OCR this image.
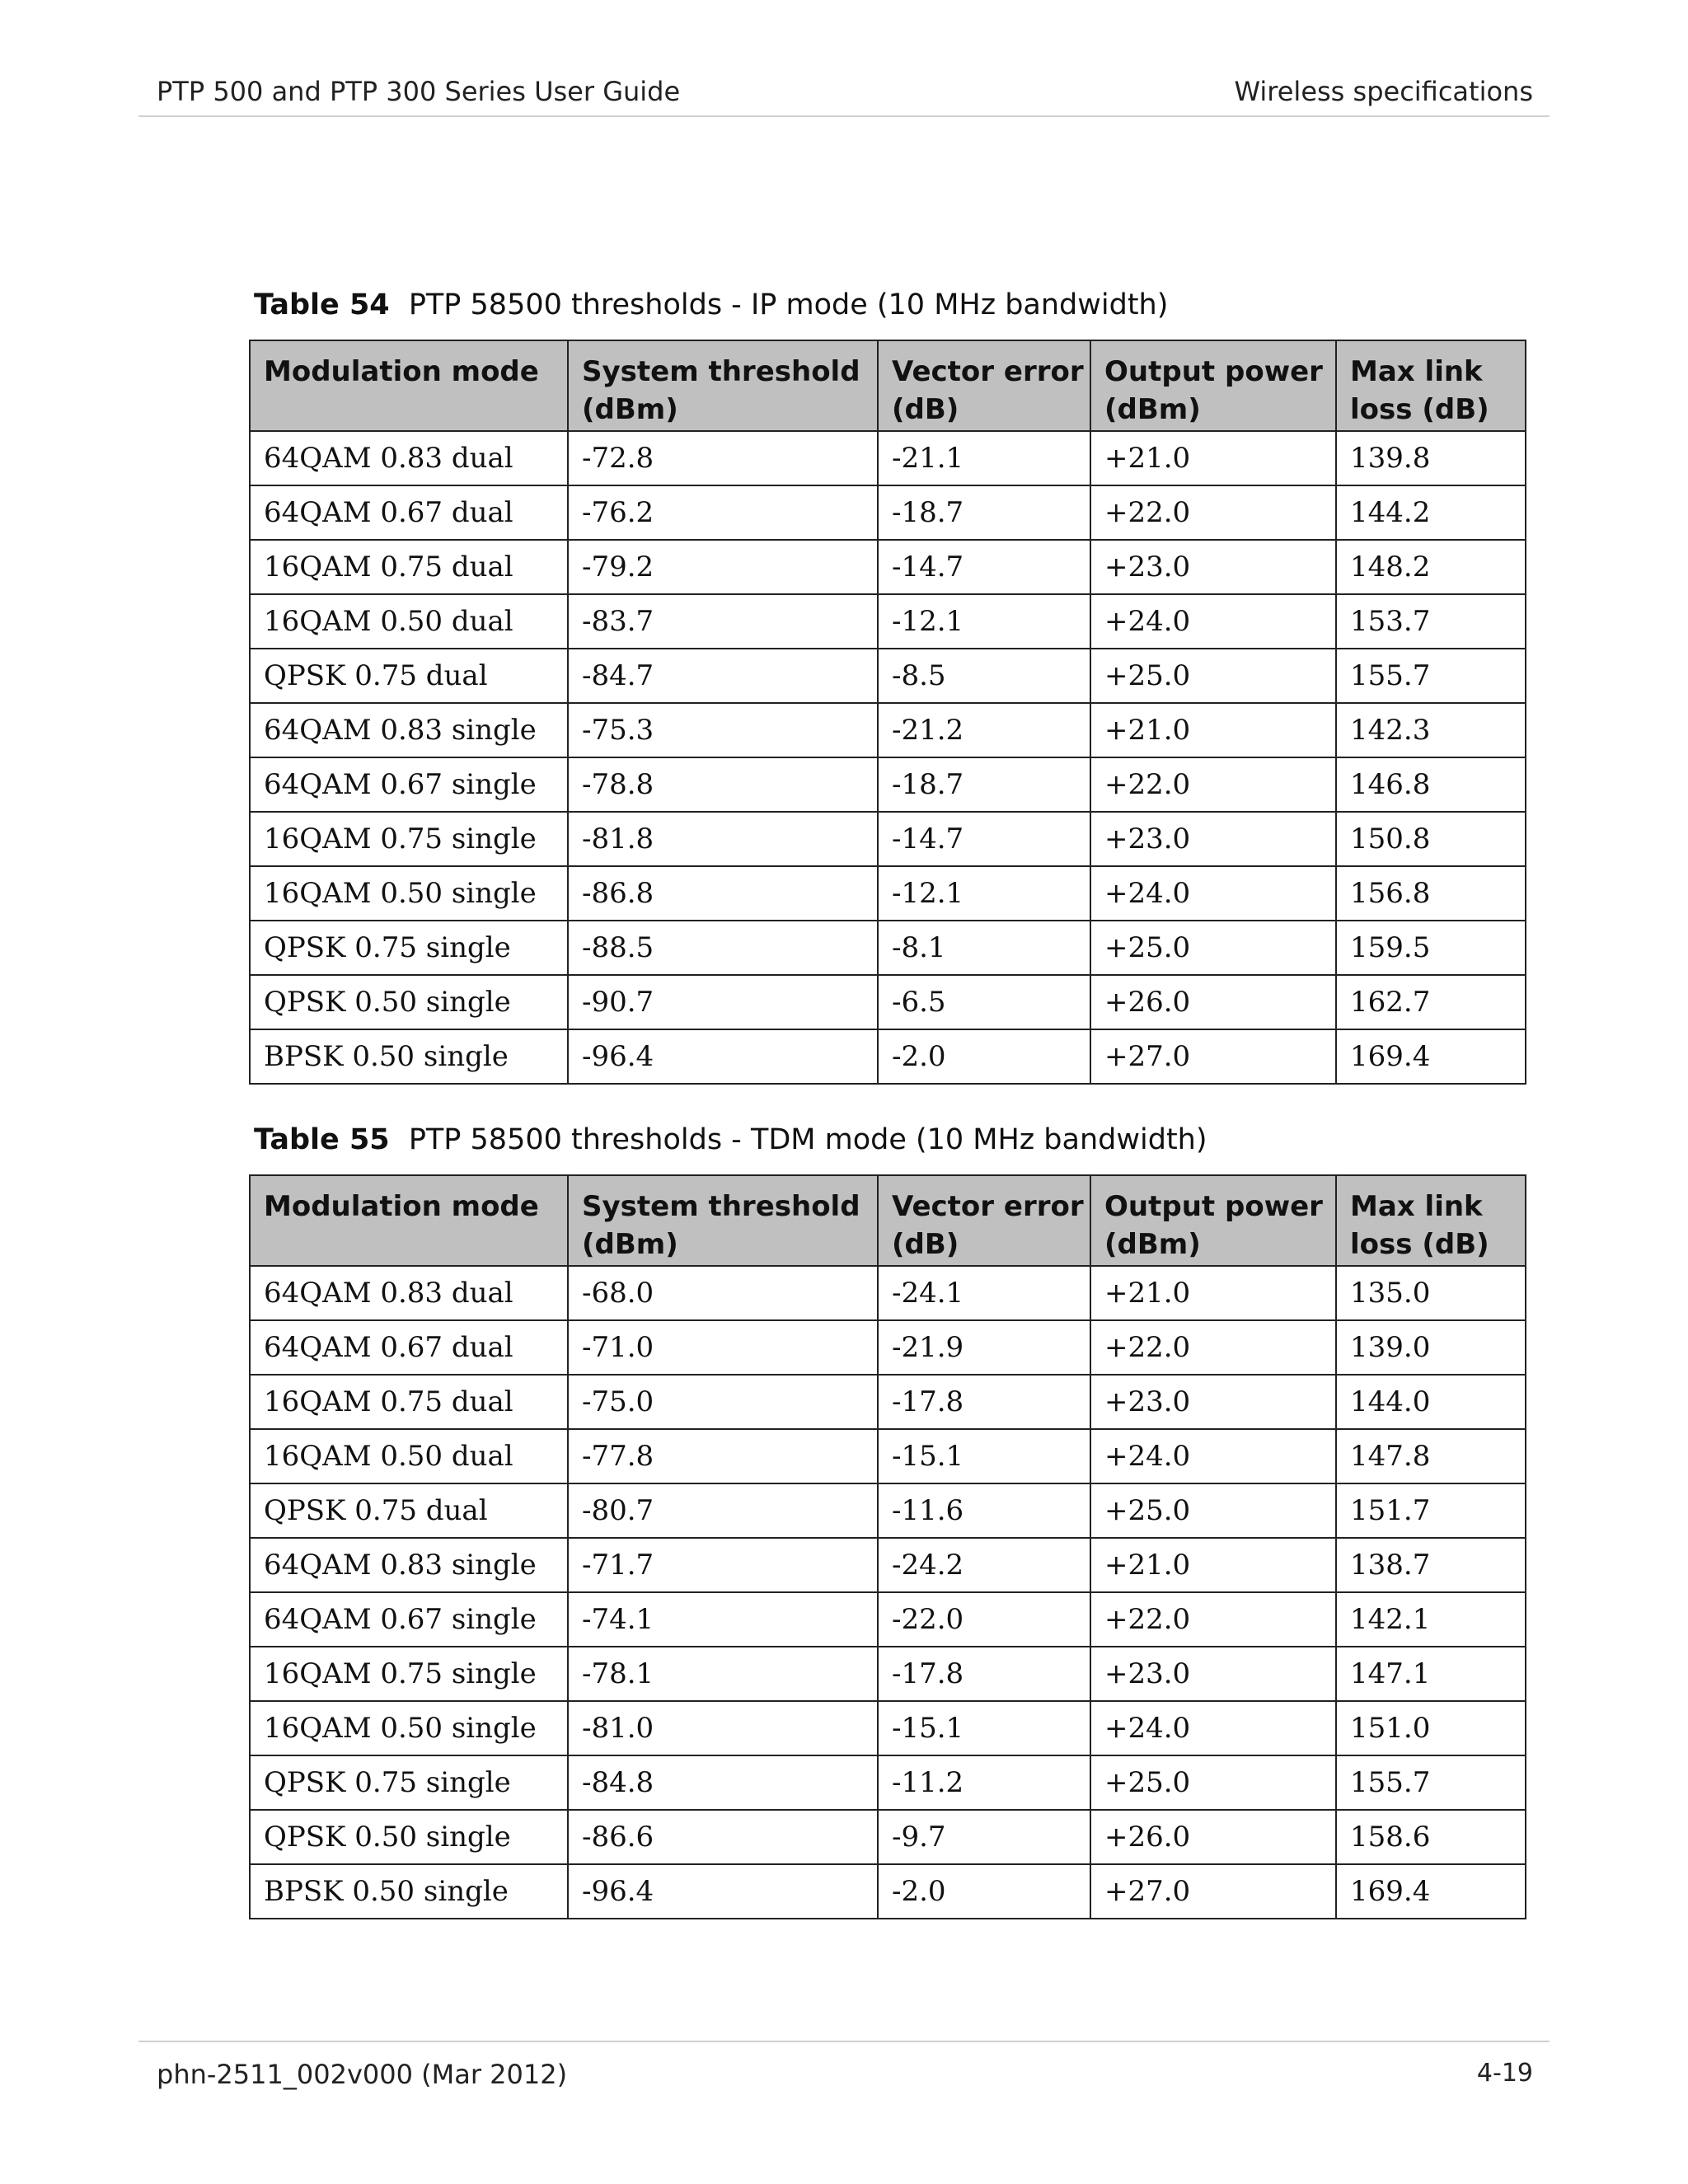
PTP 500 and PTP 300 Series User Guide	Wireless specifications
Table 54 PTP 58500 thresholds - IP mode (10 MHz bandwidth)
Modulation mode	System threshold (dBm)	Vector error (dB)	Output power (dBm)	Max link loss (dB)
64QAM 0.83 dual	-72.8	-21.1	+21.0	139.8
64QAM 0.67 dual	-76.2	-18.7	+22.0	144.2
16QAM 0.75 dual	-79.2	-14.7	+23.0	148.2
16QAM 0.50 dual	-83.7	-12.1	+24.0	153.7
QPSK 0.75 dual	-84.7	-8.5	+25.0	155.7
64QAM 0.83 single	-75.3	-21.2	+21.0	142.3
64QAM 0.67 single	-78.8	-18.7	+22.0	146.8
16QAM 0.75 single	-81.8	-14.7	+23.0	150.8
16QAM 0.50 single	-86.8	-12.1	+24.0	156.8
QPSK 0.75 single	-88.5	-8.1	+25.0	159.5
QPSK 0.50 single	-90.7	-6.5	+26.0	162.7
BPSK 0.50 single	-96.4	-2.0	+27.0	169.4
Table 55 PTP 58500 thresholds - TDM mode (10 MHz bandwidth)
Modulation mode	System threshold (dBm)	Vector error (dB)	Output power (dBm)	Max link loss (dB)
64QAM 0.83 dual	-68.0	-24.1	+21.0	135.0
64QAM 0.67 dual	-71.0	-21.9	+22.0	139.0
16QAM 0.75 dual	-75.0	-17.8	+23.0	144.0
16QAM 0.50 dual	-77.8	-15.1	+24.0	147.8
QPSK 0.75 dual	-80.7	-11.6	+25.0	151.7
64QAM 0.83 single	-71.7	-24.2	+21.0	138.7
64QAM 0.67 single	-74.1	-22.0	+22.0	142.1
16QAM 0.75 single	-78.1	-17.8	+23.0	147.1
16QAM 0.50 single	-81.0	-15.1	+24.0	151.0
QPSK 0.75 single	-84.8	-11.2	+25.0	155.7
QPSK 0.50 single	-86.6	-9.7	+26.0	158.6
BPSK 0.50 single	-96.4	-2.0	+27.0	169.4
phn-2511_002v000 (Mar 2012)	4-19
